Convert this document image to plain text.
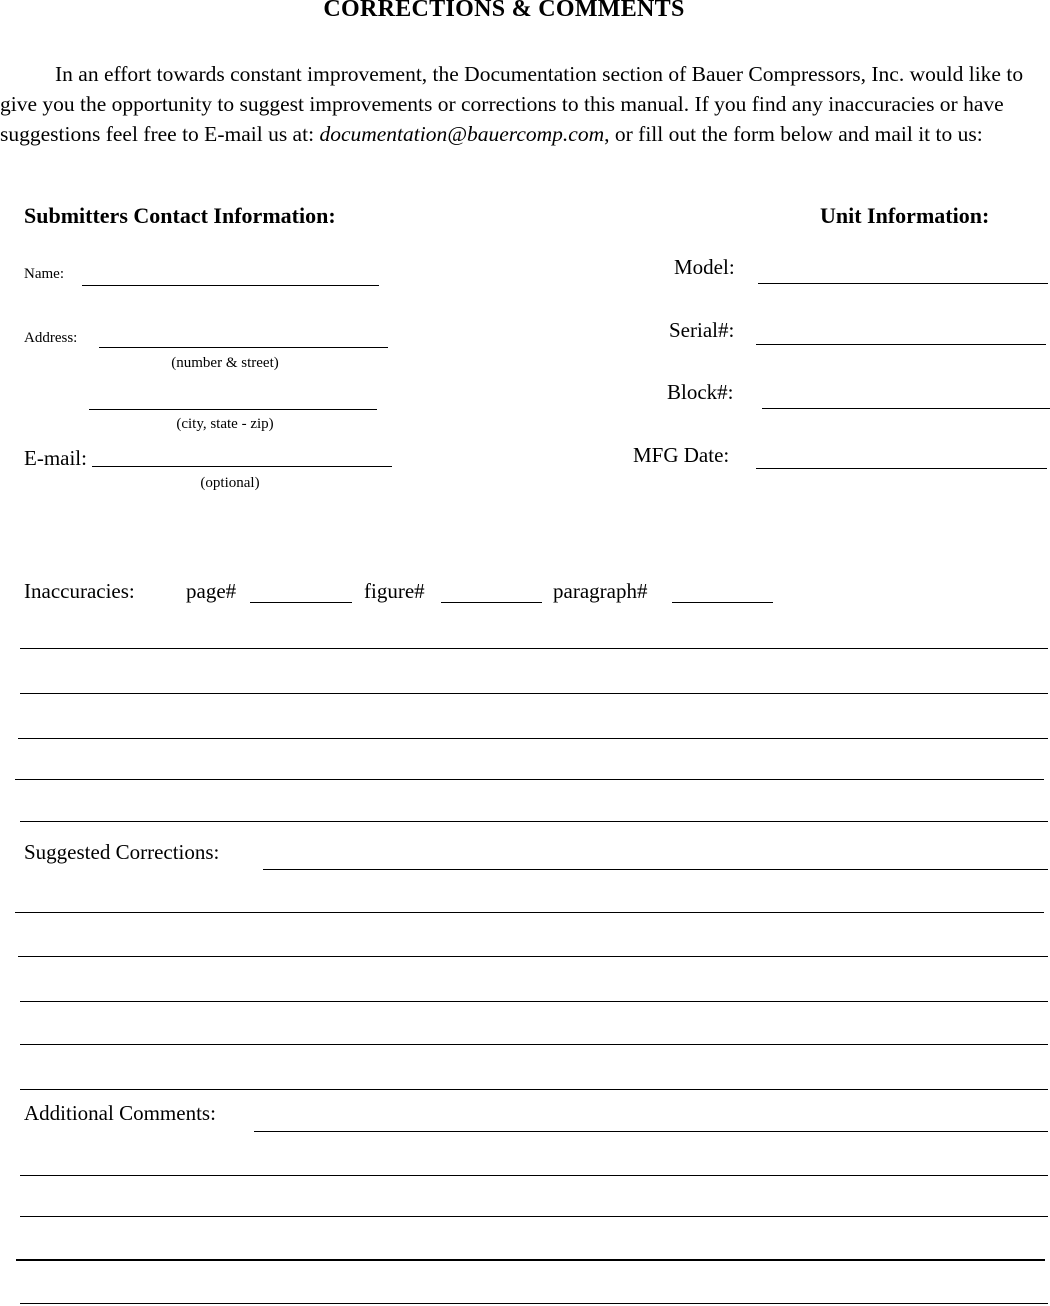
CORRECTIONS & COMMENTS
In an effort towards constant improvement, the Documentation section of Bauer Compressors, Inc. would like to give you the opportunity to suggest improvements or corrections to this manual. If you find any inaccuracies or have suggestions feel free to E-mail us at: documentation@bauercomp.com, or fill out the form below and mail it to us:
Submitters Contact Information:	Unit Information:
Name:
Address:
(number & street)
(city, state - zip)
E-mail:
(optional)
Model:
Serial#:
Block#:
MFG Date:
Inaccuracies: page#	figure#	paragraph#
Suggested Corrections:
Additional Comments:
